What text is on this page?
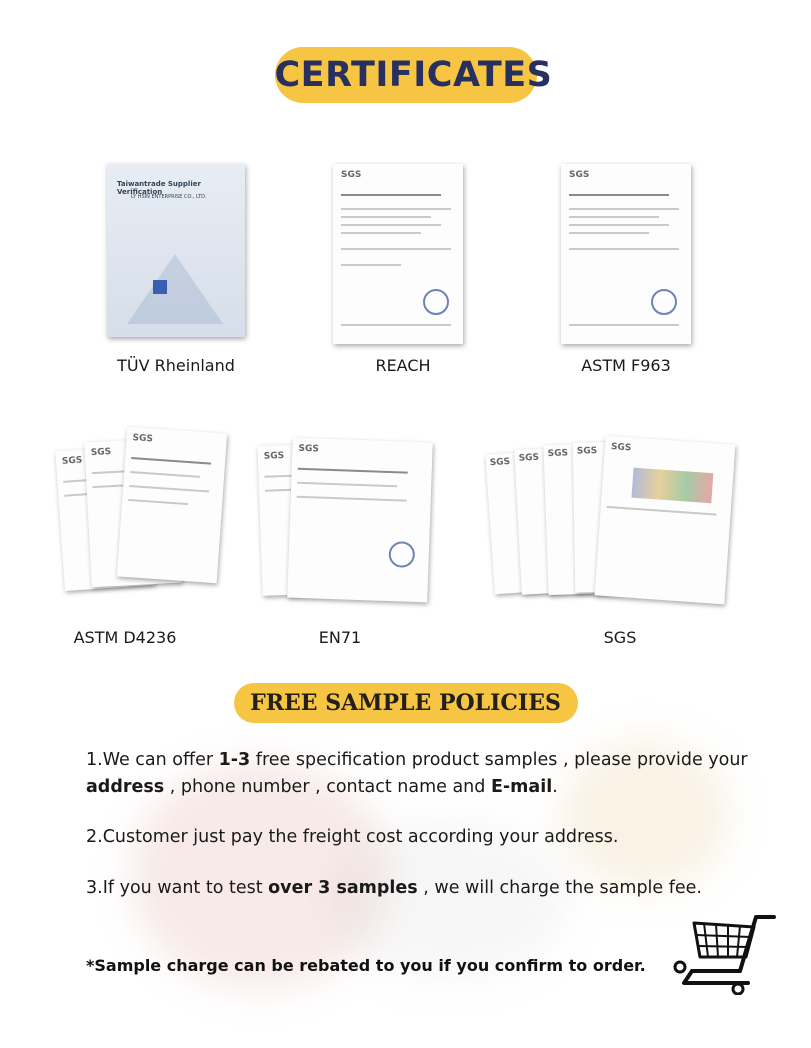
CERTIFICATES
Taiwantrade Supplier Verification
LY HSIN ENTERPRISE CO., LTD.
TÜV Rheinland
SGS
REACH
SGS
ASTM F963
SGS
SGS
SGS
ASTM D4236
SGS
SGS
EN71
SGS SGS SGS SGS SGS
SGS
FREE SAMPLE POLICIES
1.We can offer 1-3 free specification product samples , please provide your address , phone number , contact name and E-mail.
2.Customer just pay the freight cost according your address.
3.If you want to test over 3 samples , we will charge the sample fee.
*Sample charge can be rebated to you if you confirm to order.
